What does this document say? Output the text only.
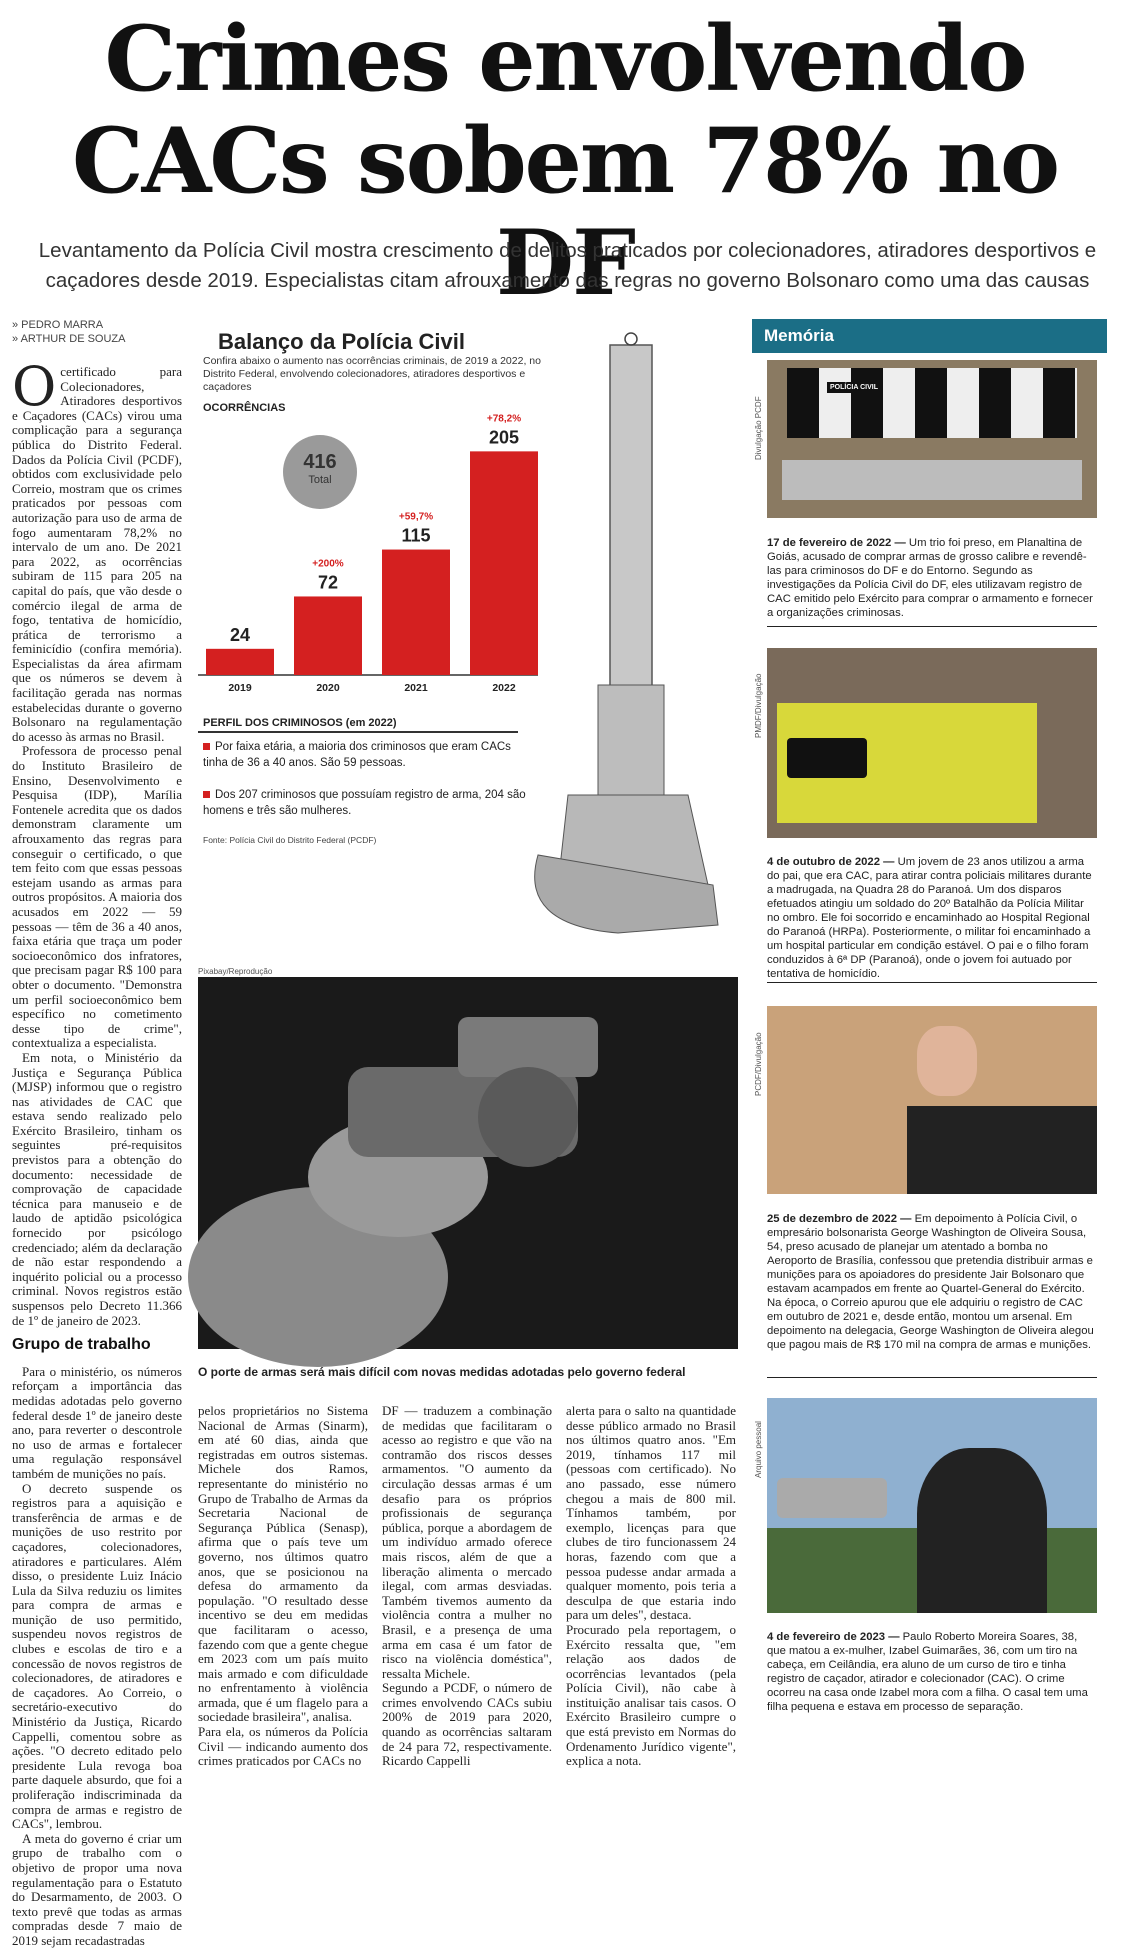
Crimes envolvendo
CACs sobem 78% no DF
Levantamento da Polícia Civil mostra crescimento de delitos praticados por colecionadores, atiradores desportivos e
caçadores desde 2019. Especialistas citam afrouxamento das regras no governo Bolsonaro como uma das causas
» PEDRO MARRA
» ARTHUR DE SOUZA

Ocertificado para Colecionadores, Atiradores desportivos e Caçadores (CACs) virou uma complicação para a segurança pública do Distrito Federal. Dados da Polícia Civil (PCDF), obtidos com exclusividade pelo Correio, mostram que os crimes praticados por pessoas com autorização para uso de arma de fogo aumentaram 78,2% no intervalo de um ano. De 2021 para 2022, as ocorrências subiram de 115 para 205 na capital do país, que vão desde o comércio ilegal de arma de fogo, tentativa de homicídio, prática de terrorismo a feminicídio (confira memória). Especialistas da área afirmam que os números se devem à facilitação gerada nas normas estabelecidas durante o governo Bolsonaro na regulamentação do acesso às armas no Brasil.

Professora de processo penal do Instituto Brasileiro de Ensino, Desenvolvimento e Pesquisa (IDP), Marília Fontenele acredita que os dados demonstram claramente um afrouxamento das regras para conseguir o certificado, o que tem feito com que essas pessoas estejam usando as armas para outros propósitos. A maioria dos acusados em 2022 — 59 pessoas — têm de 36 a 40 anos, faixa etária que traça um poder socioeconômico dos infratores, que precisam pagar R$ 100 para obter o documento. "Demonstra um perfil socioeconômico bem específico no cometimento desse tipo de crime", contextualiza a especialista.

Em nota, o Ministério da Justiça e Segurança Pública (MJSP) informou que o registro nas atividades de CAC que estava sendo realizado pelo Exército Brasileiro, tinham os seguintes pré-requisitos previstos para a obtenção do documento: necessidade de comprovação de capacidade técnica para manuseio e de laudo de aptidão psicológica fornecido por psicólogo credenciado; além da declaração de não estar respondendo a inquérito policial ou a processo criminal. Novos registros estão suspensos pelo Decreto 11.366 de 1º de janeiro de 2023.

Grupo de trabalho

Para o ministério, os números reforçam a importância das medidas adotadas pelo governo federal desde 1º de janeiro deste ano, para reverter o descontrole no uso de armas e fortalecer uma regulação responsável também de munições no país.

O decreto suspende os registros para a aquisição e transferência de armas e de munições de uso restrito por caçadores, colecionadores, atiradores e particulares. Além disso, o presidente Luiz Inácio Lula da Silva reduziu os limites para compra de armas e munição de uso permitido, suspendeu novos registros de clubes e escolas de tiro e a concessão de novos registros de colecionadores, de atiradores e de caçadores. Ao Correio, o secretário-executivo do Ministério da Justiça, Ricardo Cappelli, comentou sobre as ações. "O decreto editado pelo presidente Lula revoga boa parte daquele absurdo, que foi a proliferação indiscriminada da compra de armas e registro de CACs", lembrou.

A meta do governo é criar um grupo de trabalho com o objetivo de propor uma nova regulamentação para o Estatuto do Desarmamento, de 2003. O texto prevê que todas as armas compradas desde 7 maio de 2019 sejam recadastradas

Balanço da Polícia Civil
Confira abaixo o aumento nas ocorrências criminais, de 2019 a 2022, no Distrito Federal, envolvendo colecionadores, atiradores desportivos e caçadores
OCORRÊNCIAS
24
2019
72
+200%
2020
115
+59,7%
2021
205
+78,2%
2022
416
Total
PERFIL DOS CRIMINOSOS (em 2022)
Por faixa etária, a maioria dos criminosos que eram CACs tinha de 36 a 40 anos. São 59 pessoas.
Dos 207 criminosos que possuíam registro de arma, 204 são homens e três são mulheres.
Fonte: Polícia Civil do Distrito Federal (PCDF)
Pixabay/Reprodução
O porte de armas será mais difícil com novas medidas adotadas pelo governo federal
pelos proprietários no Sistema Nacional de Armas (Sinarm), em até 60 dias, ainda que registradas em outros sistemas. Michele dos Ramos, representante do ministério no Grupo de Trabalho de Armas da Secretaria Nacional de Segurança Pública (Senasp), afirma que o país teve um governo, nos últimos quatro anos, que se posicionou na defesa do armamento da população. "O resultado desse incentivo se deu em medidas que facilitaram o acesso, fazendo com que a gente chegue em 2023 com um país muito mais armado e com dificuldade no enfrentamento à violência armada, que é um flagelo para a sociedade brasileira", analisa.
Para ela, os números da Polícia Civil — indicando aumento dos crimes praticados por CACs no
DF — traduzem a combinação de medidas que facilitaram o acesso ao registro e que vão na contramão dos riscos desses armamentos. "O aumento da circulação dessas armas é um desafio para os próprios profissionais de segurança pública, porque a abordagem de um indivíduo armado oferece mais riscos, além de que a liberação alimenta o mercado ilegal, com armas desviadas. Também tivemos aumento da violência contra a mulher no Brasil, e a presença de uma arma em casa é um fator de risco na violência doméstica", ressalta Michele.
Segundo a PCDF, o número de crimes envolvendo CACs subiu 200% de 2019 para 2020, quando as ocorrências saltaram de 24 para 72, respectivamente. Ricardo Cappelli
alerta para o salto na quantidade desse público armado no Brasil nos últimos quatro anos. "Em 2019, tínhamos 117 mil (pessoas com certificado). No ano passado, esse número chegou a mais de 800 mil. Tínhamos também, por exemplo, licenças para que clubes de tiro funcionassem 24 horas, fazendo com que a pessoa pudesse andar armada a qualquer momento, pois teria a desculpa de que estaria indo para um deles", destaca.
Procurado pela reportagem, o Exército ressalta que, "em relação aos dados de ocorrências levantados (pela Polícia Civil), não cabe à instituição analisar tais casos. O Exército Brasileiro cumpre o que está previsto em Normas do Ordenamento Jurídico vigente", explica a nota.
Memória
Divulgação PCDF
POLÍCIA CIVIL
17 de fevereiro de 2022 — Um trio foi preso, em Planaltina de Goiás, acusado de comprar armas de grosso calibre e revendê-las para criminosos do DF e do Entorno. Segundo as investigações da Polícia Civil do DF, eles utilizavam registro de CAC emitido pelo Exército para comprar o armamento e fornecer a organizações criminosas.
PMDF/Divulgação
4 de outubro de 2022 — Um jovem de 23 anos utilizou a arma do pai, que era CAC, para atirar contra policiais militares durante a madrugada, na Quadra 28 do Paranoá. Um dos disparos efetuados atingiu um soldado do 20º Batalhão da Polícia Militar no ombro. Ele foi socorrido e encaminhado ao Hospital Regional do Paranoá (HRPa). Posteriormente, o militar foi encaminhado a um hospital particular em condição estável. O pai e o filho foram conduzidos à 6ª DP (Paranoá), onde o jovem foi autuado por tentativa de homicídio.
PCDF/Divulgação
25 de dezembro de 2022 — Em depoimento à Polícia Civil, o empresário bolsonarista George Washington de Oliveira Sousa, 54, preso acusado de planejar um atentado a bomba no Aeroporto de Brasília, confessou que pretendia distribuir armas e munições para os apoiadores do presidente Jair Bolsonaro que estavam acampados em frente ao Quartel-General do Exército. Na época, o Correio apurou que ele adquiriu o registro de CAC em outubro de 2021 e, desde então, montou um arsenal. Em depoimento na delegacia, George Washington de Oliveira alegou que pagou mais de R$ 170 mil na compra de armas e munições.
Arquivo pessoal
4 de fevereiro de 2023 — Paulo Roberto Moreira Soares, 38, que matou a ex-mulher, Izabel Guimarães, 36, com um tiro na cabeça, em Ceilândia, era aluno de um curso de tiro e tinha registro de caçador, atirador e colecionador (CAC). O crime ocorreu na casa onde Izabel mora com a filha. O casal tem uma filha pequena e estava em processo de separação.
